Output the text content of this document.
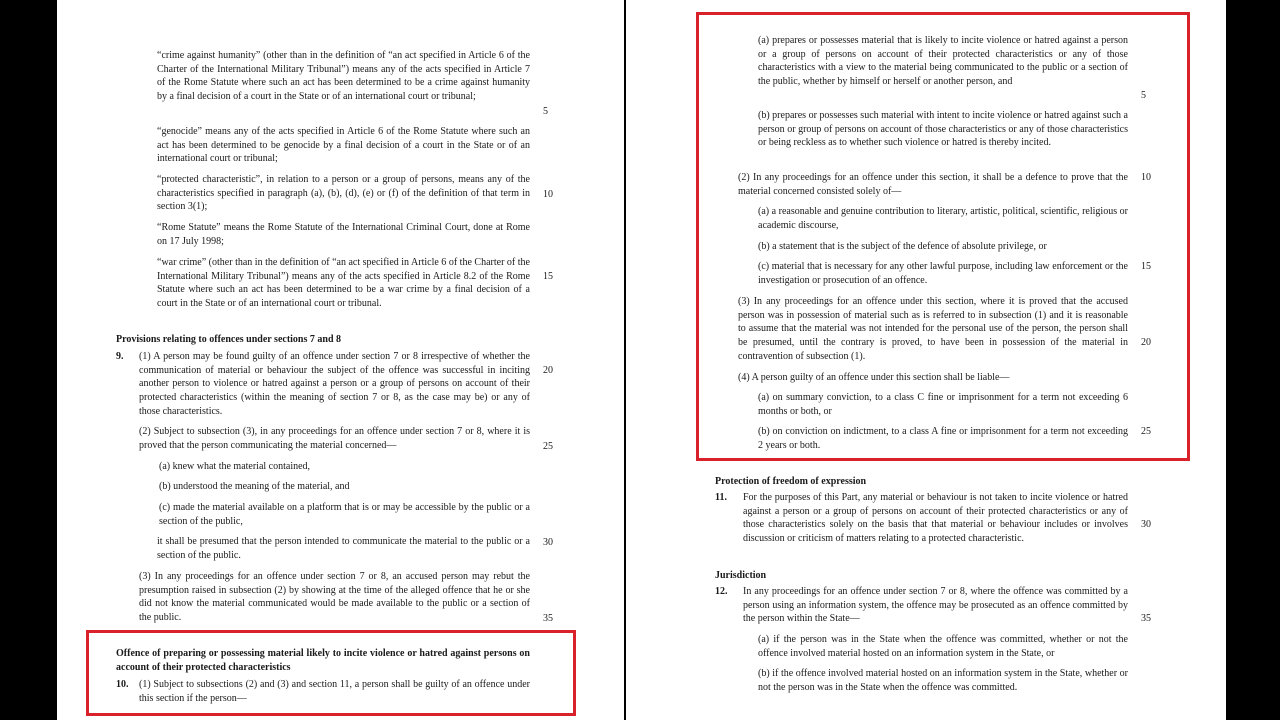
“crime against humanity” (other than in the definition of “an act specified in Article 6 of the Charter of the International Military Tribunal”) means any of the acts specified in Article 7 of the Rome Statute where such an act has been determined to be a crime against humanity by a final decision of a court in the State or of an international court or tribunal;
“genocide” means any of the acts specified in Article 6 of the Rome Statute where such an act has been determined to be genocide by a final decision of a court in the State or of an international court or tribunal;
“protected characteristic”, in relation to a person or a group of persons, means any of the characteristics specified in paragraph (a), (b), (d), (e) or (f) of the definition of that term in section 3(1);
“Rome Statute” means the Rome Statute of the International Criminal Court, done at Rome on 17 July 1998;
“war crime” (other than in the definition of “an act specified in Article 6 of the Charter of the International Military Tribunal”) means any of the acts specified in Article 8.2 of the Rome Statute where such an act has been determined to be a war crime by a final decision of a court in the State or of an international court or tribunal.
Provisions relating to offences under sections 7 and 8
9. (1) A person may be found guilty of an offence under section 7 or 8 irrespective of whether the communication of material or behaviour the subject of the offence was successful in inciting another person to violence or hatred against a person or a group of persons on account of their protected characteristics (within the meaning of section 7 or 8, as the case may be) or any of those characteristics.
(2) Subject to subsection (3), in any proceedings for an offence under section 7 or 8, where it is proved that the person communicating the material concerned—
(a) knew what the material contained,
(b) understood the meaning of the material, and
(c) made the material available on a platform that is or may be accessible by the public or a section of the public,
it shall be presumed that the person intended to communicate the material to the public or a section of the public.
(3) In any proceedings for an offence under section 7 or 8, an accused person may rebut the presumption raised in subsection (2) by showing at the time of the alleged offence that he or she did not know the material communicated would be made available to the public or a section of the public.
Offence of preparing or possessing material likely to incite violence or hatred against persons on account of their protected characteristics
10. (1) Subject to subsections (2) and (3) and section 11, a person shall be guilty of an offence under this section if the person—
5
10
15
20
25
30
35
(a) prepares or possesses material that is likely to incite violence or hatred against a person or a group of persons on account of their protected characteristics or any of those characteristics with a view to the material being communicated to the public or a section of the public, whether by himself or herself or another person, and
(b) prepares or possesses such material with intent to incite violence or hatred against such a person or group of persons on account of those characteristics or any of those characteristics or being reckless as to whether such violence or hatred is thereby incited.
(2) In any proceedings for an offence under this section, it shall be a defence to prove that the material concerned consisted solely of—
(a) a reasonable and genuine contribution to literary, artistic, political, scientific, religious or academic discourse,
(b) a statement that is the subject of the defence of absolute privilege, or
(c) material that is necessary for any other lawful purpose, including law enforcement or the investigation or prosecution of an offence.
(3) In any proceedings for an offence under this section, where it is proved that the accused person was in possession of material such as is referred to in subsection (1) and it is reasonable to assume that the material was not intended for the personal use of the person, the person shall be presumed, until the contrary is proved, to have been in possession of the material in contravention of subsection (1).
(4) A person guilty of an offence under this section shall be liable—
(a) on summary conviction, to a class C fine or imprisonment for a term not exceeding 6 months or both, or
(b) on conviction on indictment, to a class A fine or imprisonment for a term not exceeding 2 years or both.
Protection of freedom of expression
11. For the purposes of this Part, any material or behaviour is not taken to incite violence or hatred against a person or a group of persons on account of their protected characteristics or any of those characteristics solely on the basis that that material or behaviour includes or involves discussion or criticism of matters relating to a protected characteristic.
Jurisdiction
12. In any proceedings for an offence under section 7 or 8, where the offence was committed by a person using an information system, the offence may be prosecuted as an offence committed by the person within the State—
(a) if the person was in the State when the offence was committed, whether or not the offence involved material hosted on an information system in the State, or
(b) if the offence involved material hosted on an information system in the State, whether or not the person was in the State when the offence was committed.
5
10
15
20
25
30
35
